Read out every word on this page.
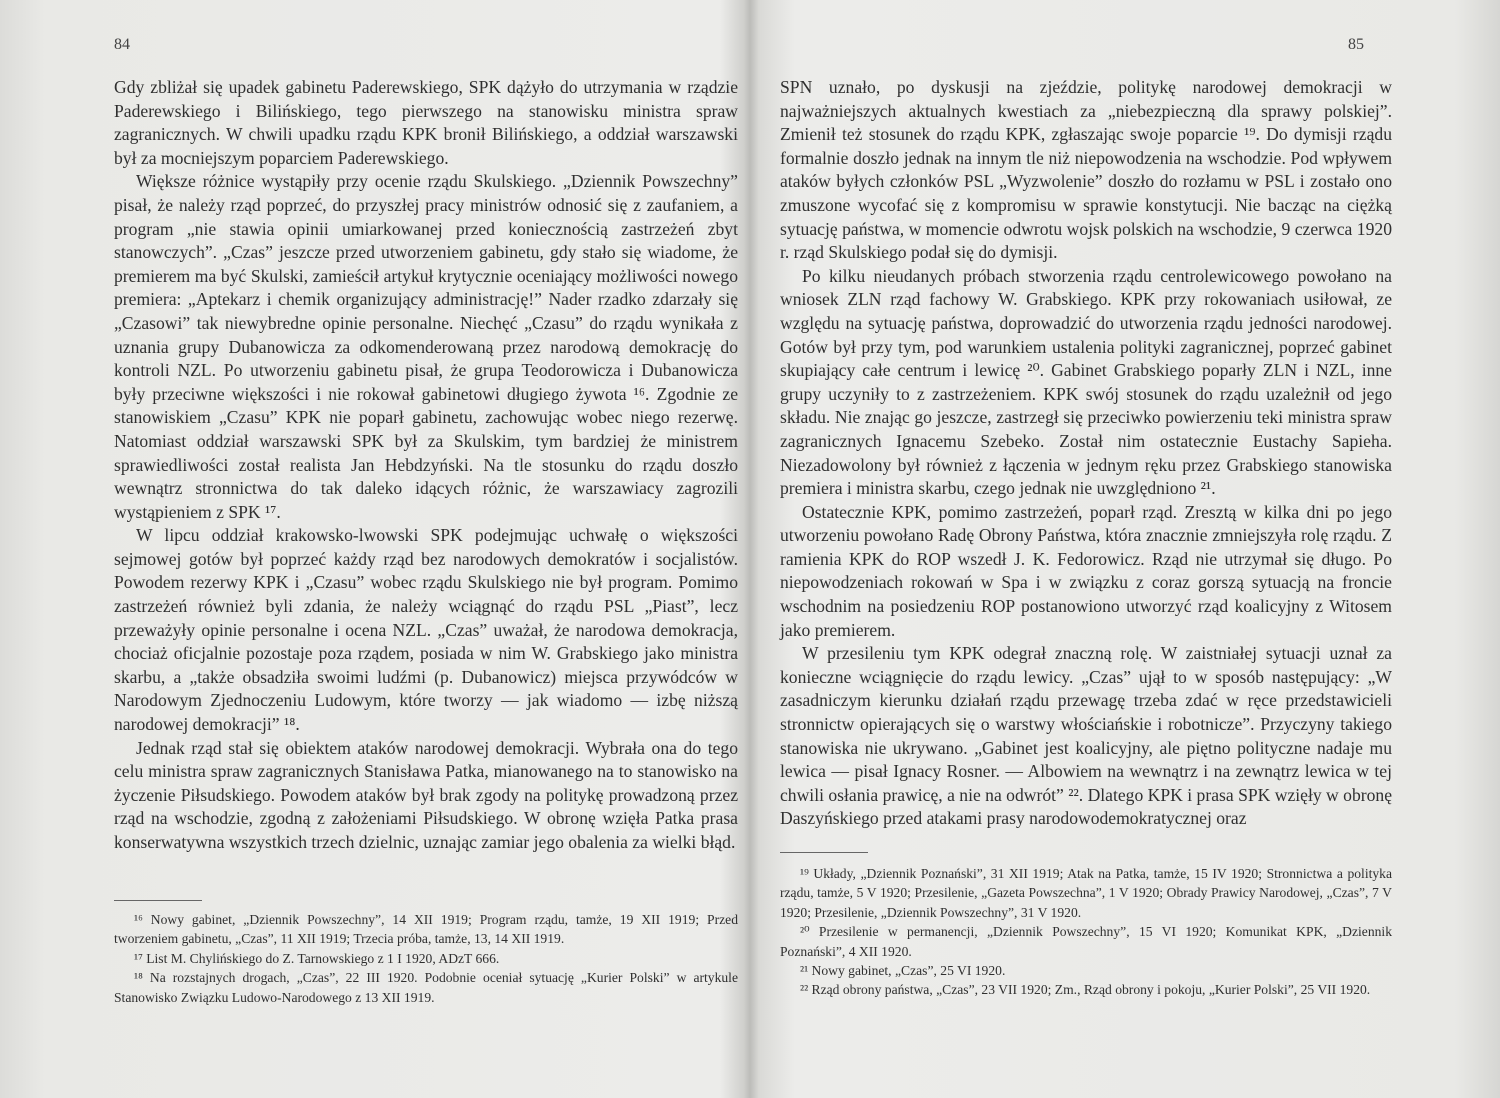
84

Gdy zbliżał się upadek gabinetu Paderewskiego, SPK dążyło do utrzymania w rządzie Paderewskiego i Bilińskiego, tego pierwszego na stanowisku ministra spraw zagranicznych. W chwili upadku rządu KPK bronił Bilińskiego, a oddział warszawski był za mocniejszym poparciem Paderewskiego.

Większe różnice wystąpiły przy ocenie rządu Skulskiego. „Dziennik Powszechny” pisał, że należy rząd poprzeć, do przyszłej pracy ministrów odnosić się z zaufaniem, a program „nie stawia opinii umiarkowanej przed koniecznością zastrzeżeń zbyt stanowczych”. „Czas” jeszcze przed utworzeniem gabinetu, gdy stało się wiadome, że premierem ma być Skulski, zamieścił artykuł krytycznie oceniający możliwości nowego premiera: „Aptekarz i chemik organizujący administrację!” Nader rzadko zdarzały się „Czasowi” tak niewybredne opinie personalne. Niechęć „Czasu” do rządu wynikała z uznania grupy Dubanowicza za odkomenderowaną przez narodową demokrację do kontroli NZL. Po utworzeniu gabinetu pisał, że grupa Teodorowicza i Dubanowicza były przeciwne większości i nie rokował gabinetowi długiego żywota ¹⁶. Zgodnie ze stanowiskiem „Czasu” KPK nie poparł gabinetu, zachowując wobec niego rezerwę. Natomiast oddział warszawski SPK był za Skulskim, tym bardziej że ministrem sprawiedliwości został realista Jan Hebdzyński. Na tle stosunku do rządu doszło wewnątrz stronnictwa do tak daleko idących różnic, że warszawiacy zagrozili wystąpieniem z SPK ¹⁷.

W lipcu oddział krakowsko-lwowski SPK podejmując uchwałę o większości sejmowej gotów był poprzeć każdy rząd bez narodowych demokratów i socjalistów. Powodem rezerwy KPK i „Czasu” wobec rządu Skulskiego nie był program. Pomimo zastrzeżeń również byli zdania, że należy wciągnąć do rządu PSL „Piast”, lecz przeważyły opinie personalne i ocena NZL. „Czas” uważał, że narodowa demokracja, chociaż oficjalnie pozostaje poza rządem, posiada w nim W. Grabskiego jako ministra skarbu, a „także obsadziła swoimi ludźmi (p. Dubanowicz) miejsca przywódców w Narodowym Zjednoczeniu Ludowym, które tworzy — jak wiadomo — izbę niższą narodowej demokracji” ¹⁸.

Jednak rząd stał się obiektem ataków narodowej demokracji. Wybrała ona do tego celu ministra spraw zagranicznych Stanisława Patka, mianowanego na to stanowisko na życzenie Piłsudskiego. Powodem ataków był brak zgody na politykę prowadzoną przez rząd na wschodzie, zgodną z założeniami Piłsudskiego. W obronę wzięła Patka prasa konserwatywna wszystkich trzech dzielnic, uznając zamiar jego obalenia za wielki błąd.

¹⁶ Nowy gabinet, „Dziennik Powszechny”, 14 XII 1919; Program rządu, tamże, 19 XII 1919; Przed tworzeniem gabinetu, „Czas”, 11 XII 1919; Trzecia próba, tamże, 13, 14 XII 1919.

¹⁷ List M. Chylińskiego do Z. Tarnowskiego z 1 I 1920, ADzT 666.

¹⁸ Na rozstajnych drogach, „Czas”, 22 III 1920. Podobnie oceniał sytuację „Kurier Polski” w artykule Stanowisko Związku Ludowo-Narodowego z 13 XII 1919.

85

SPN uznało, po dyskusji na zjeździe, politykę narodowej demokracji w najważniejszych aktualnych kwestiach za „niebezpieczną dla sprawy polskiej”. Zmienił też stosunek do rządu KPK, zgłaszając swoje poparcie ¹⁹. Do dymisji rządu formalnie doszło jednak na innym tle niż niepowodzenia na wschodzie. Pod wpływem ataków byłych członków PSL „Wyzwolenie” doszło do rozłamu w PSL i zostało ono zmuszone wycofać się z kompromisu w sprawie konstytucji. Nie bacząc na ciężką sytuację państwa, w momencie odwrotu wojsk polskich na wschodzie, 9 czerwca 1920 r. rząd Skulskiego podał się do dymisji.

Po kilku nieudanych próbach stworzenia rządu centrolewicowego powołano na wniosek ZLN rząd fachowy W. Grabskiego. KPK przy rokowaniach usiłował, ze względu na sytuację państwa, doprowadzić do utworzenia rządu jedności narodowej. Gotów był przy tym, pod warunkiem ustalenia polityki zagranicznej, poprzeć gabinet skupiający całe centrum i lewicę ²⁰. Gabinet Grabskiego poparły ZLN i NZL, inne grupy uczyniły to z zastrzeżeniem. KPK swój stosunek do rządu uzależnił od jego składu. Nie znając go jeszcze, zastrzegł się przeciwko powierzeniu teki ministra spraw zagranicznych Ignacemu Szebeko. Został nim ostatecznie Eustachy Sapieha. Niezadowolony był również z łączenia w jednym ręku przez Grabskiego stanowiska premiera i ministra skarbu, czego jednak nie uwzględniono ²¹.

Ostatecznie KPK, pomimo zastrzeżeń, poparł rząd. Zresztą w kilka dni po jego utworzeniu powołano Radę Obrony Państwa, która znacznie zmniejszyła rolę rządu. Z ramienia KPK do ROP wszedł J. K. Fedorowicz. Rząd nie utrzymał się długo. Po niepowodzeniach rokowań w Spa i w związku z coraz gorszą sytuacją na froncie wschodnim na posiedzeniu ROP postanowiono utworzyć rząd koalicyjny z Witosem jako premierem.

W przesileniu tym KPK odegrał znaczną rolę. W zaistniałej sytuacji uznał za konieczne wciągnięcie do rządu lewicy. „Czas” ujął to w sposób następujący: „W zasadniczym kierunku działań rządu przewagę trzeba zdać w ręce przedstawicieli stronnictw opierających się o warstwy włościańskie i robotnicze”. Przyczyny takiego stanowiska nie ukrywano. „Gabinet jest koalicyjny, ale piętno polityczne nadaje mu lewica — pisał Ignacy Rosner. — Albowiem na wewnątrz i na zewnątrz lewica w tej chwili osłania prawicę, a nie na odwrót” ²². Dlatego KPK i prasa SPK wzięły w obronę Daszyńskiego przed atakami prasy narodowodemokratycznej oraz

¹⁹ Układy, „Dziennik Poznański”, 31 XII 1919; Atak na Patka, tamże, 15 IV 1920; Stronnictwa a polityka rządu, tamże, 5 V 1920; Przesilenie, „Gazeta Powszechna”, 1 V 1920; Obrady Prawicy Narodowej, „Czas”, 7 V 1920; Przesilenie, „Dziennik Powszechny”, 31 V 1920.

²⁰ Przesilenie w permanencji, „Dziennik Powszechny”, 15 VI 1920; Komunikat KPK, „Dziennik Poznański”, 4 XII 1920.

²¹ Nowy gabinet, „Czas”, 25 VI 1920.

²² Rząd obrony państwa, „Czas”, 23 VII 1920; Zm., Rząd obrony i pokoju, „Kurier Polski”, 25 VII 1920.
